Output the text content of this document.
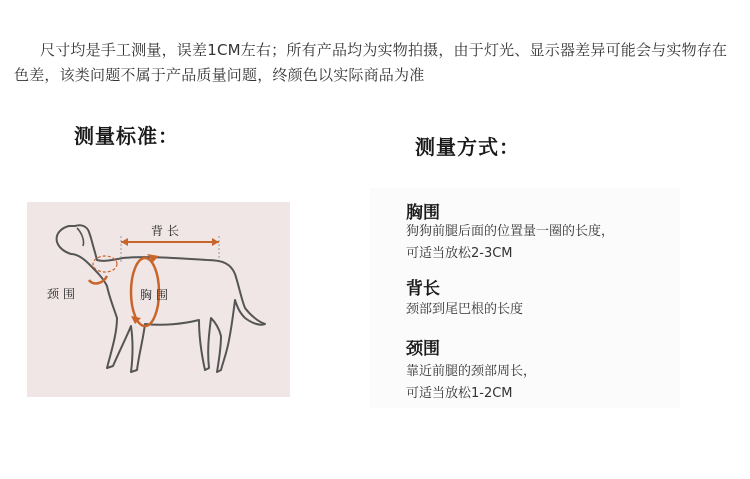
尺寸均是手工测量，误差1CM左右；所有产品均为实物拍摄，由于灯光、显示器差异可能会与实物存在色差，该类问题不属于产品质量问题，终颜色以实际商品为准
测量标准：	测量方式：
背长
颈围	胸围
胸围
狗狗前腿后面的位置量一圈的长度，
可适当放松2-3CM
背长
颈部到尾巴根的长度
颈围
靠近前腿的颈部周长，
可适当放松1-2CM
